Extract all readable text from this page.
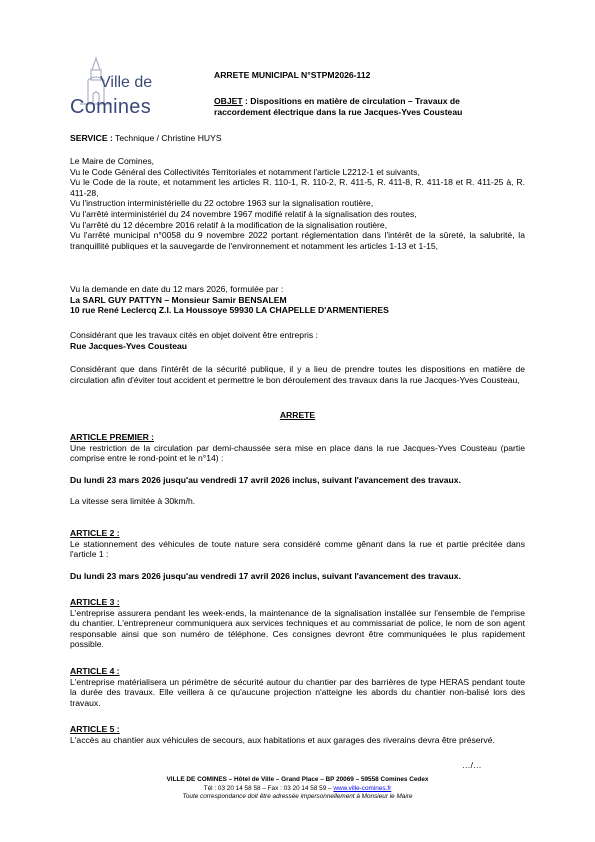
Ville de
Comines
ARRETE MUNICIPAL N°STPM2026-112
OBJET : Dispositions en matière de circulation – Travaux de raccordement électrique dans la rue Jacques-Yves Cousteau
SERVICE : Technique / Christine HUYS
Le Maire de Comines,
Vu le Code Général des Collectivités Territoriales et notamment l'article L2212-1 et suivants,
Vu le Code de la route, et notamment les articles R. 110-1, R. 110-2, R. 411-5, R. 411-8, R. 411-18 et R. 411-25 à, R. 411-28,
Vu l'instruction interministérielle du 22 octobre 1963 sur la signalisation routière,
Vu l'arrêté interministériel du 24 novembre 1967 modifié relatif à la signalisation des routes,
Vu l'arrêté du 12 décembre 2016 relatif à la modification de la signalisation routière,
Vu l'arrêté municipal n°0058 du 9 novembre 2022 portant réglementation dans l'intérêt de la sûreté, la salubrité, la tranquillité publiques et la sauvegarde de l'environnement et notamment les articles 1-13 et 1-15,
Vu la demande en date du 12 mars 2026, formulée par :
La SARL GUY PATTYN – Monsieur Samir BENSALEM
10 rue René Leclercq Z.I. La Houssoye 59930 LA CHAPELLE D'ARMENTIERES
Considérant que les travaux cités en objet doivent être entrepris :
Rue Jacques-Yves Cousteau
Considérant que dans l'intérêt de la sécurité publique, il y a lieu de prendre toutes les dispositions en matière de circulation afin d'éviter tout accident et permettre le bon déroulement des travaux dans la rue Jacques-Yves Cousteau,
ARRETE
ARTICLE PREMIER :
Une restriction de la circulation par demi-chaussée sera mise en place dans la rue Jacques-Yves Cousteau (partie comprise entre le rond-point et le n°14) :
Du lundi 23 mars 2026 jusqu'au vendredi 17 avril 2026 inclus, suivant l'avancement des travaux.
La vitesse sera limitée à 30km/h.
ARTICLE 2 :
Le stationnement des véhicules de toute nature sera considéré comme gênant dans la rue et partie précitée dans l'article 1 :
Du lundi 23 mars 2026 jusqu'au vendredi 17 avril 2026 inclus, suivant l'avancement des travaux.
ARTICLE 3 :
L'entreprise assurera pendant les week-ends, la maintenance de la signalisation installée sur l'ensemble de l'emprise du chantier. L'entrepreneur communiquera aux services techniques et au commissariat de police, le nom de son agent responsable ainsi que son numéro de téléphone. Ces consignes devront être communiquées le plus rapidement possible.
ARTICLE 4 :
L'entreprise matérialisera un périmètre de sécurité autour du chantier par des barrières de type HERAS pendant toute la durée des travaux. Elle veillera à ce qu'aucune projection n'atteigne les abords du chantier non-balisé lors des travaux.
ARTICLE 5 :
L'accès au chantier aux véhicules de secours, aux habitations et aux garages des riverains devra être préservé.
…/…
VILLE DE COMINES – Hôtel de Ville – Grand Place – BP 20069 – 59558 Comines Cedex
Tél : 03 20 14 58 58 – Fax : 03 20 14 58 59 – www.ville-comines.fr
Toute correspondance doit être adressée impersonnellement à Monsieur le Maire
